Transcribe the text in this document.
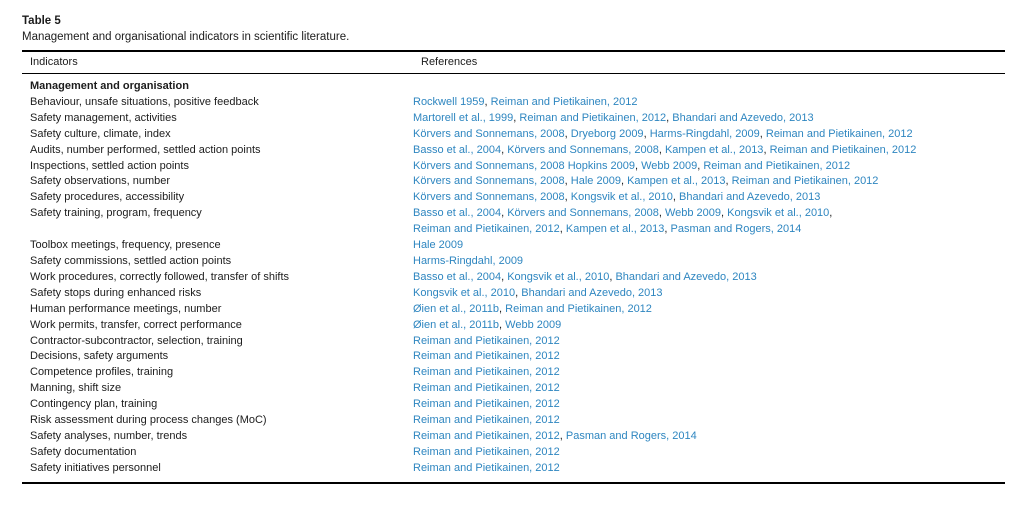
Table 5
Management and organisational indicators in scientific literature.
Indicators	References
Management and organisation	
Behaviour, unsafe situations, positive feedback	Rockwell 1959, Reiman and Pietikainen, 2012

Safety management, activities	Martorell et al., 1999, Reiman and Pietikainen, 2012, Bhandari and Azevedo, 2013

Safety culture, climate, index	Körvers and Sonnemans, 2008, Dryeborg 2009, Harms-Ringdahl, 2009, Reiman and Pietikainen, 2012

Audits, number performed, settled action points	Basso et al., 2004, Körvers and Sonnemans, 2008, Kampen et al., 2013, Reiman and Pietikainen, 2012

Inspections, settled action points	Körvers and Sonnemans, 2008 Hopkins 2009, Webb 2009, Reiman and Pietikainen, 2012

Safety observations, number	Körvers and Sonnemans, 2008, Hale 2009, Kampen et al., 2013, Reiman and Pietikainen, 2012

Safety procedures, accessibility	Körvers and Sonnemans, 2008, Kongsvik et al., 2010, Bhandari and Azevedo, 2013

Safety training, program, frequency	Basso et al., 2004, Körvers and Sonnemans, 2008, Webb 2009, Kongsvik et al., 2010,
Reiman and Pietikainen, 2012, Kampen et al., 2013, Pasman and Rogers, 2014

Toolbox meetings, frequency, presence	Hale 2009

Safety commissions, settled action points	Harms-Ringdahl, 2009

Work procedures, correctly followed, transfer of shifts	Basso et al., 2004, Kongsvik et al., 2010, Bhandari and Azevedo, 2013

Safety stops during enhanced risks	Kongsvik et al., 2010, Bhandari and Azevedo, 2013

Human performance meetings, number	Øien et al., 2011b, Reiman and Pietikainen, 2012

Work permits, transfer, correct performance	Øien et al., 2011b, Webb 2009

Contractor-subcontractor, selection, training	Reiman and Pietikainen, 2012

Decisions, safety arguments	Reiman and Pietikainen, 2012

Competence profiles, training	Reiman and Pietikainen, 2012

Manning, shift size	Reiman and Pietikainen, 2012

Contingency plan, training	Reiman and Pietikainen, 2012

Risk assessment during process changes (MoC)	Reiman and Pietikainen, 2012

Safety analyses, number, trends	Reiman and Pietikainen, 2012, Pasman and Rogers, 2014

Safety documentation	Reiman and Pietikainen, 2012

Safety initiatives personnel	Reiman and Pietikainen, 2012
